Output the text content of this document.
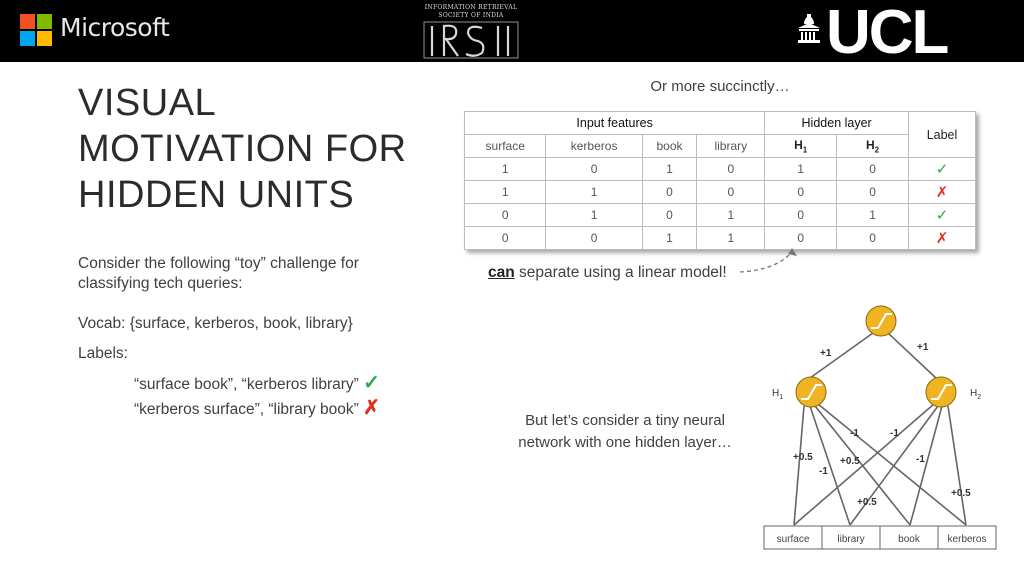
Microsoft
INFORMATION RETRIEVAL
SOCIETY OF INDIA	UCL
VISUAL
MOTIVATION FOR
HIDDEN UNITS
Consider the following “toy” challenge for
classifying tech queries:
Vocab: {surface, kerberos, book, library}
Labels:
“surface book”, “kerberos library” ✓
“kerberos surface”, “library book” ✗
Or more succinctly…
Input features				Hidden layer		Label
surface	kerberos	book	library	$H_1$	$H_2$
1	0	1	0	1	0	✓
1	1	0	0	0	0	✗
0	1	0	1	0	1	✓
0	0	1	1	0	0	✗
can separate using a linear model!
But let’s consider a tiny neural
network with one hidden layer…
$H_1$	$H_2$
+1
+1
+0.5	+0.5
-1
-1
-1
+0.5
-1
+0.5
surface	library	book	kerberos
